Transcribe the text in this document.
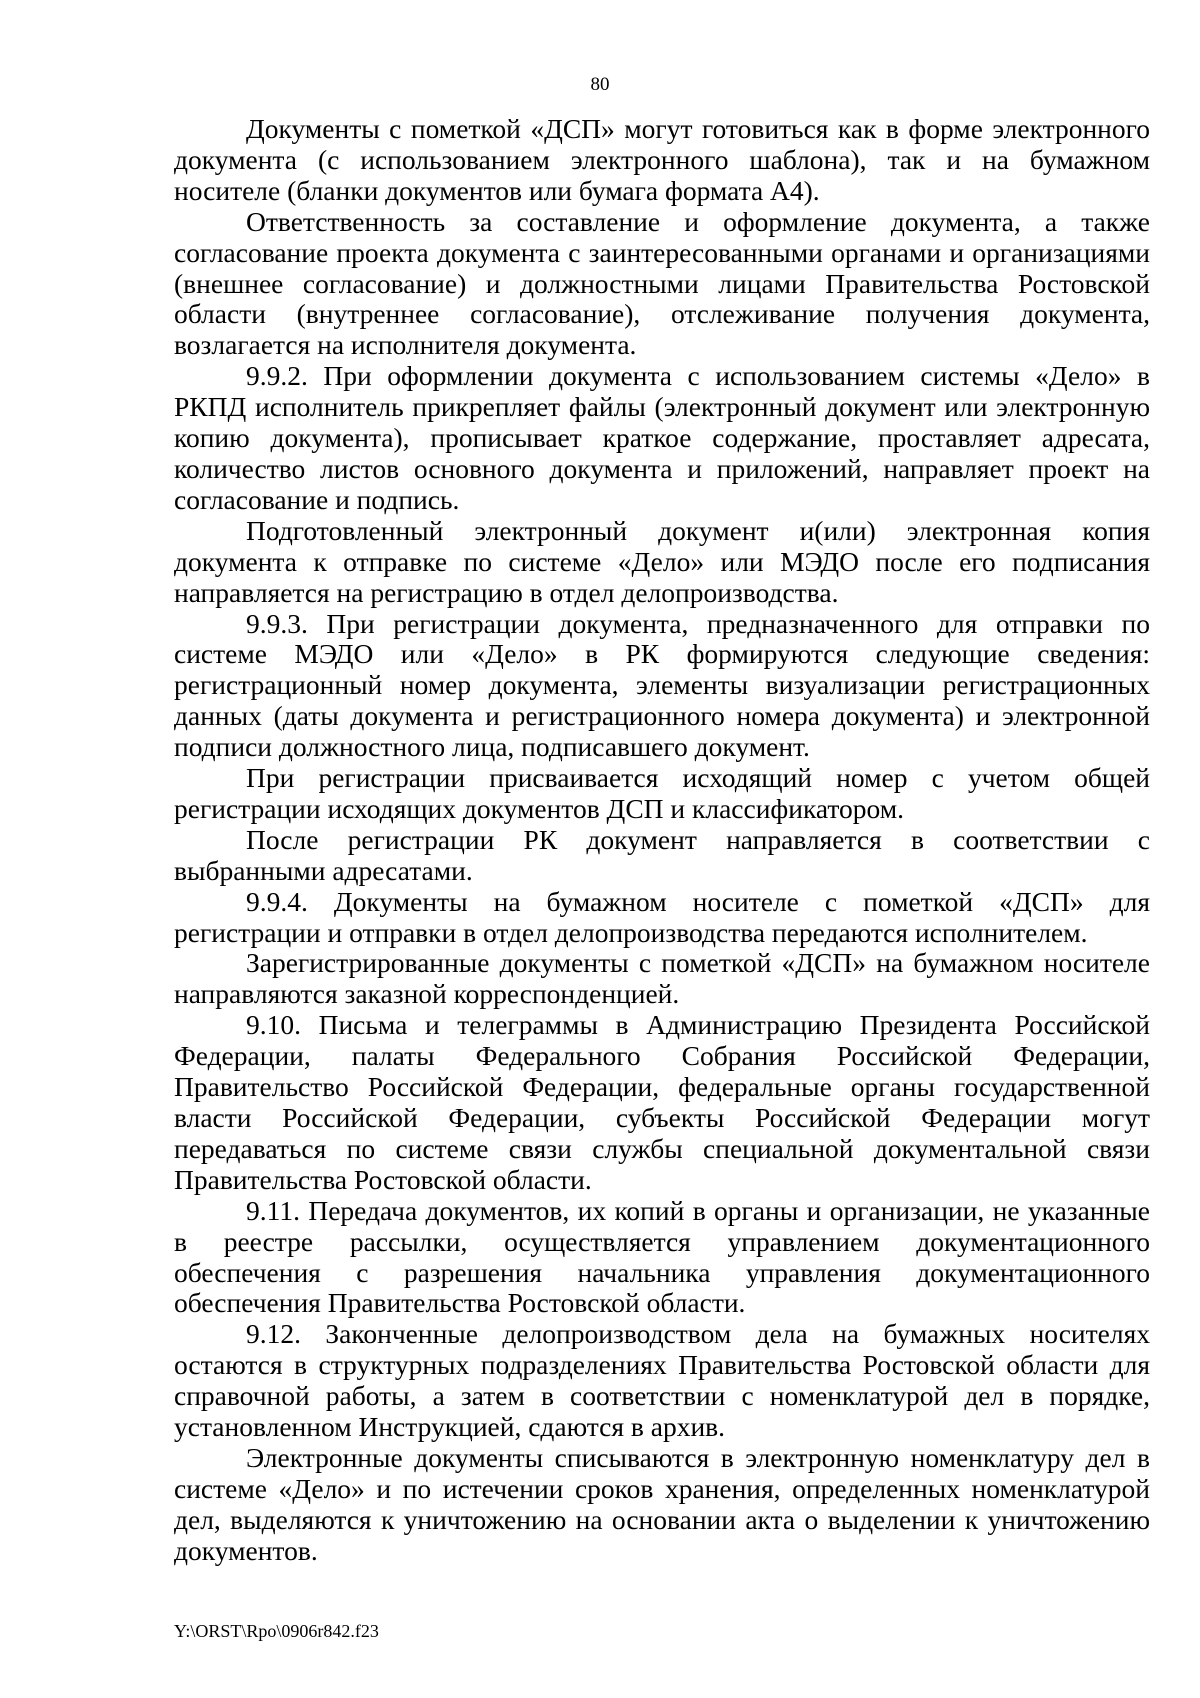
80

Документы с пометкой «ДСП» могут готовиться как в форме электронного документа (с использованием электронного шаблона), так и на бумажном носителе (бланки документов или бумага формата А4).

Ответственность за составление и оформление документа, а также согласование проекта документа с заинтересованными органами и организациями (внешнее согласование) и должностными лицами Правительства Ростовской области (внутреннее согласование), отслеживание получения документа, возлагается на исполнителя документа.

9.9.2. При оформлении документа с использованием системы «Дело» в РКПД исполнитель прикрепляет файлы (электронный документ или электронную копию документа), прописывает краткое содержание, проставляет адресата, количество листов основного документа и приложений, направляет проект на согласование и подпись.

Подготовленный электронный документ и(или) электронная копия документа к отправке по системе «Дело» или МЭДО после его подписания направляется на регистрацию в отдел делопроизводства.

9.9.3. При регистрации документа, предназначенного для отправки по системе МЭДО или «Дело» в РК формируются следующие сведения: регистрационный номер документа, элементы визуализации регистрационных данных (даты документа и регистрационного номера документа) и электронной подписи должностного лица, подписавшего документ.

При регистрации присваивается исходящий номер с учетом общей регистрации исходящих документов ДСП и классификатором.

После регистрации РК документ направляется в соответствии с выбранными адресатами.

9.9.4. Документы на бумажном носителе с пометкой «ДСП» для регистрации и отправки в отдел делопроизводства передаются исполнителем.

Зарегистрированные документы с пометкой «ДСП» на бумажном носителе направляются заказной корреспонденцией.

9.10. Письма и телеграммы в Администрацию Президента Российской Федерации, палаты Федерального Собрания Российской Федерации, Правительство Российской Федерации, федеральные органы государственной власти Российской Федерации, субъекты Российской Федерации могут передаваться по системе связи службы специальной документальной связи Правительства Ростовской области.

9.11. Передача документов, их копий в органы и организации, не указанные в реестре рассылки, осуществляется управлением документационного обеспечения с разрешения начальника управления документационного обеспечения Правительства Ростовской области.

9.12. Законченные делопроизводством дела на бумажных носителях остаются в структурных подразделениях Правительства Ростовской области для справочной работы, а затем в соответствии с номенклатурой дел в порядке, установленном Инструкцией, сдаются в архив.

Электронные документы списываются в электронную номенклатуру дел в системе «Дело» и по истечении сроков хранения, определенных номенклатурой дел, выделяются к уничтожению на основании акта о выделении к уничтожению документов.

Y:\ORST\Rpo\0906r842.f23
